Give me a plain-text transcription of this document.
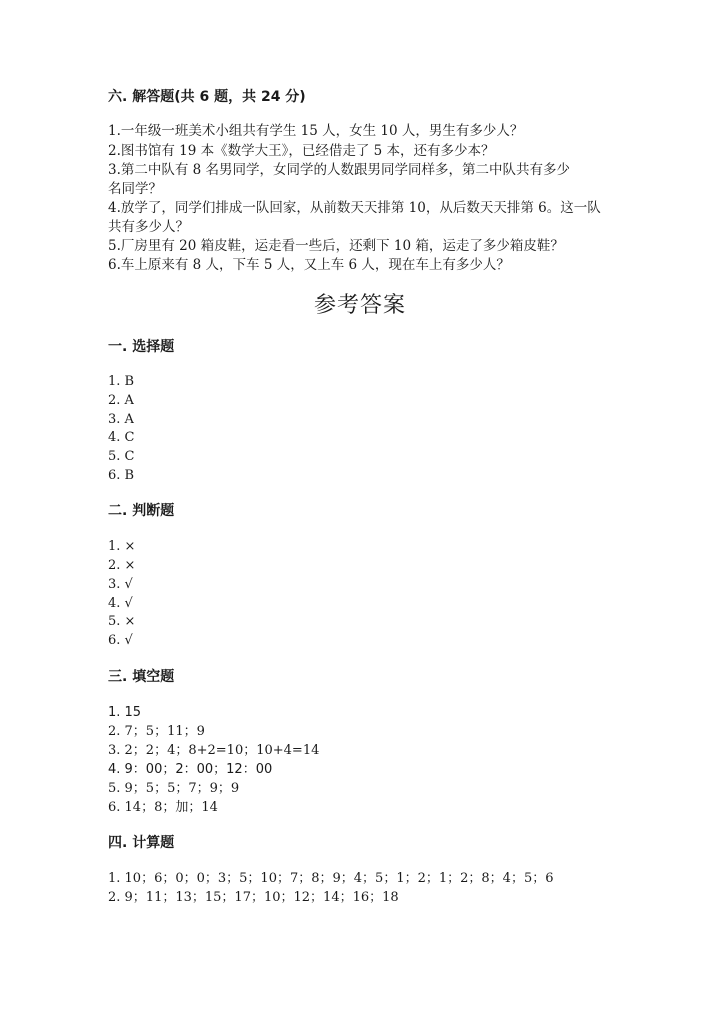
六. 解答题(共 6 题，共 24 分)
1.一年级一班美术小组共有学生 15 人，女生 10 人，男生有多少人？
2.图书馆有 19 本《数学大王》，已经借走了 5 本，还有多少本？
3.第二中队有 8 名男同学，女同学的人数跟男同学同样多，第二中队共有多少
名同学？
4.放学了，同学们排成一队回家，从前数天天排第 10，从后数天天排第 6。这一队
共有多少人？
5.厂房里有 20 箱皮鞋，运走看一些后，还剩下 10 箱，运走了多少箱皮鞋？
6.车上原来有 8 人，下车 5 人，又上车 6 人，现在车上有多少人？
参考答案
一. 选择题
1. B
2. A
3. A
4. C
5. C
6. B
二. 判断题
1. ×
2. ×
3. √
4. √
5. ×
6. √
三. 填空题
1. 15
2. 7；5；11；9
3. 2；2；4；8+2=10；10+4=14
4. 9：00；2：00；12：00
5. 9；5；5；7；9；9
6. 14；8；加；14
四. 计算题
1. 10；6；0；0；3；5；10；7；8；9；4；5；1；2；1；2；8；4；5；6
2. 9；11；13；15；17；10；12；14；16；18
